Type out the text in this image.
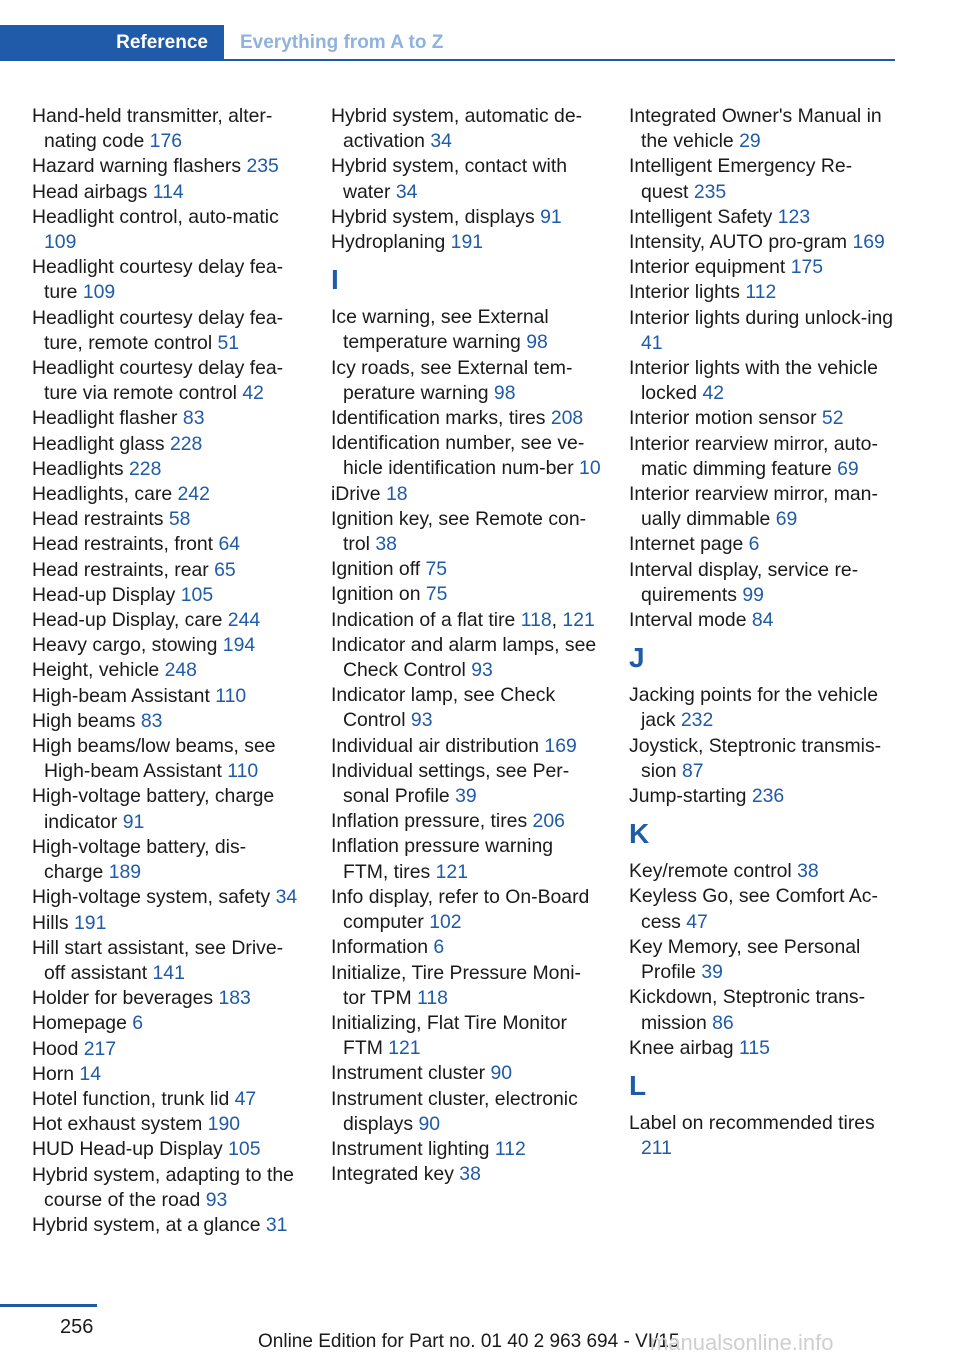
Reference Everything from A to Z
Hand-held transmitter, alter-nating code 176
Hazard warning flashers 235
Head airbags 114
Headlight control, auto-matic 109
Headlight courtesy delay fea-ture 109
Headlight courtesy delay fea-ture, remote control 51
Headlight courtesy delay fea-ture via remote control 42
Headlight flasher 83
Headlight glass 228
Headlights 228
Headlights, care 242
Head restraints 58
Head restraints, front 64
Head restraints, rear 65
Head-up Display 105
Head-up Display, care 244
Heavy cargo, stowing 194
Height, vehicle 248
High-beam Assistant 110
High beams 83
High beams/low beams, see High-beam Assistant 110
High-voltage battery, charge indicator 91
High-voltage battery, dis-charge 189
High-voltage system, safety 34
Hills 191
Hill start assistant, see Drive-off assistant 141
Holder for beverages 183
Homepage 6
Hood 217
Horn 14
Hotel function, trunk lid 47
Hot exhaust system 190
HUD Head-up Display 105
Hybrid system, adapting to the course of the road 93
Hybrid system, at a glance 31
Hybrid system, automatic de-activation 34
Hybrid system, contact with water 34
Hybrid system, displays 91
Hydroplaning 191
I
Ice warning, see External temperature warning 98
Icy roads, see External tem-perature warning 98
Identification marks, tires 208
Identification number, see ve-hicle identification num-ber 10
iDrive 18
Ignition key, see Remote con-trol 38
Ignition off 75
Ignition on 75
Indication of a flat tire 118, 121
Indicator and alarm lamps, see Check Control 93
Indicator lamp, see Check Control 93
Individual air distribution 169
Individual settings, see Per-sonal Profile 39
Inflation pressure, tires 206
Inflation pressure warning FTM, tires 121
Info display, refer to On-Board computer 102
Information 6
Initialize, Tire Pressure Moni-tor TPM 118
Initializing, Flat Tire Monitor FTM 121
Instrument cluster 90
Instrument cluster, electronic displays 90
Instrument lighting 112
Integrated key 38
Integrated Owner's Manual in the vehicle 29
Intelligent Emergency Re-quest 235
Intelligent Safety 123
Intensity, AUTO pro-gram 169
Interior equipment 175
Interior lights 112
Interior lights during unlock-ing 41
Interior lights with the vehicle locked 42
Interior motion sensor 52
Interior rearview mirror, auto-matic dimming feature 69
Interior rearview mirror, man-ually dimmable 69
Internet page 6
Interval display, service re-quirements 99
Interval mode 84
J
Jacking points for the vehicle jack 232
Joystick, Steptronic transmis-sion 87
Jump-starting 236
K
Key/remote control 38
Keyless Go, see Comfort Ac-cess 47
Key Memory, see Personal Profile 39
Kickdown, Steptronic trans-mission 86
Knee airbag 115
L
Label on recommended tires 211
256
Online Edition for Part no. 01 40 2 963 694 - VI/15
manualsonline.info
